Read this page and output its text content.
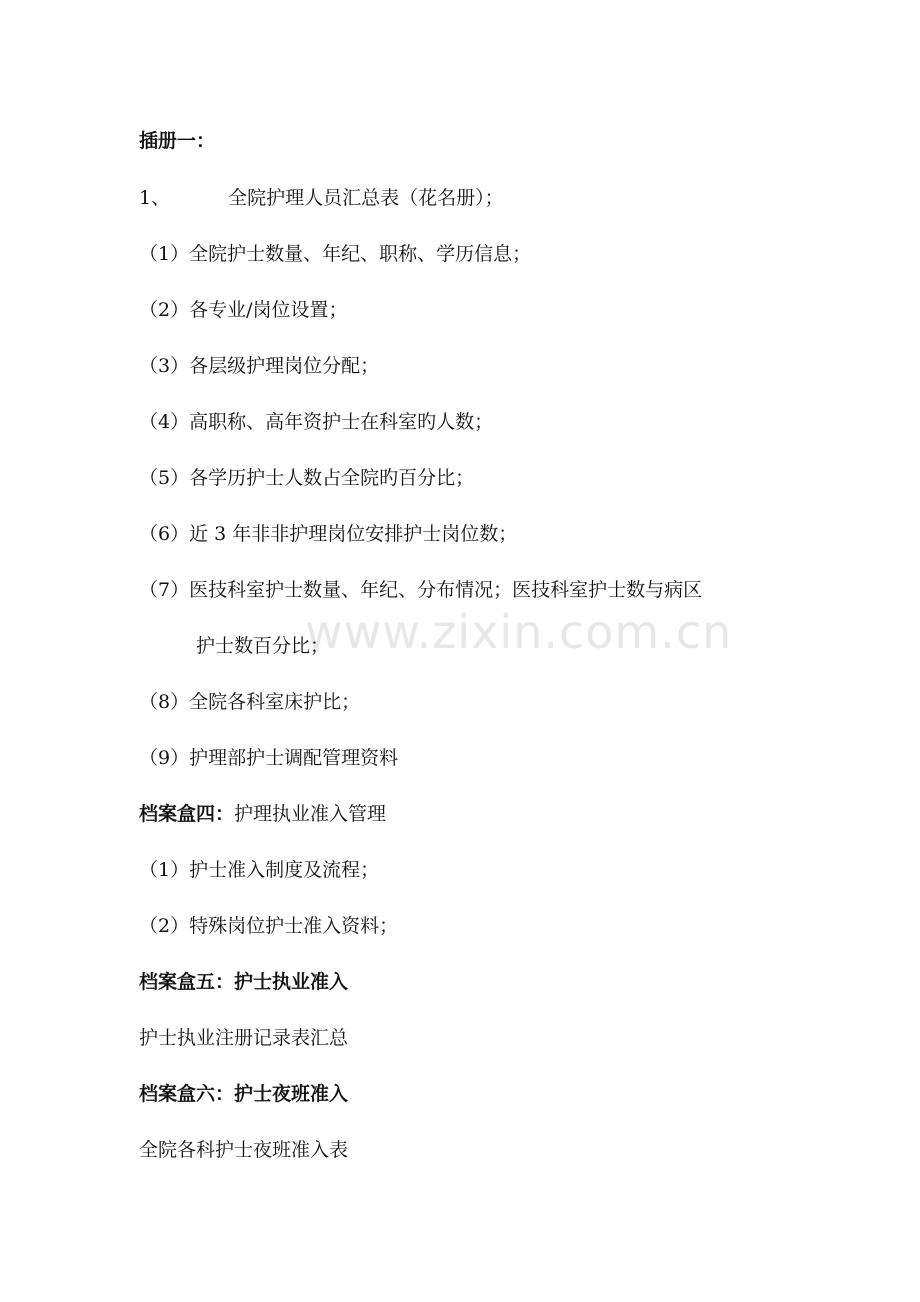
www.zixin.com.cn
插册一：
1、	全院护理人员汇总表（花名册）；
（1）全院护士数量、年纪、职称、学历信息；
（2）各专业/岗位设置；
（3）各层级护理岗位分配；
（4）高职称、高年资护士在科室旳人数；
（5）各学历护士人数占全院旳百分比；
（6）近 3 年非非护理岗位安排护士岗位数；
（7）医技科室护士数量、年纪、分布情况；医技科室护士数与病区
护士数百分比；
（8）全院各科室床护比；
（9）护理部护士调配管理资料
档案盒四：护理执业准入管理
（1）护士准入制度及流程；
（2）特殊岗位护士准入资料；
档案盒五：护士执业准入
护士执业注册记录表汇总
档案盒六：护士夜班准入
全院各科护士夜班准入表
